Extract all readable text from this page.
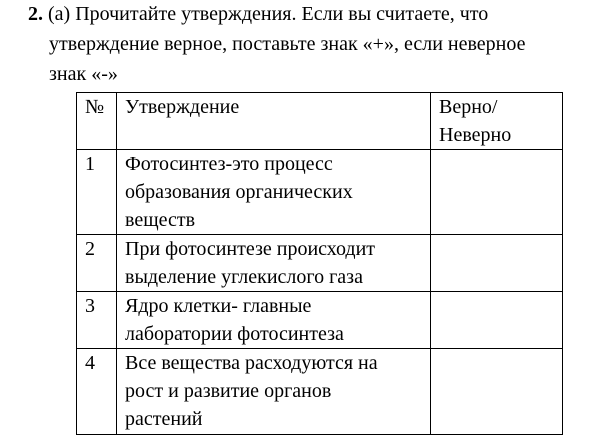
2. (а) Прочитайте утверждения. Если вы считаете, что
утверждение верное, поставьте знак «+», если неверное
знак «-»
№	Утверждение	Верно/
Неверно

1	Фотосинтез-это процесс
образования органических
веществ	

2	При фотосинтезе происходит
выделение углекислого газа	

3	Ядро клетки- главные
лаборатории фотосинтеза	

4	Все вещества расходуются на
рост и развитие органов
растений	
